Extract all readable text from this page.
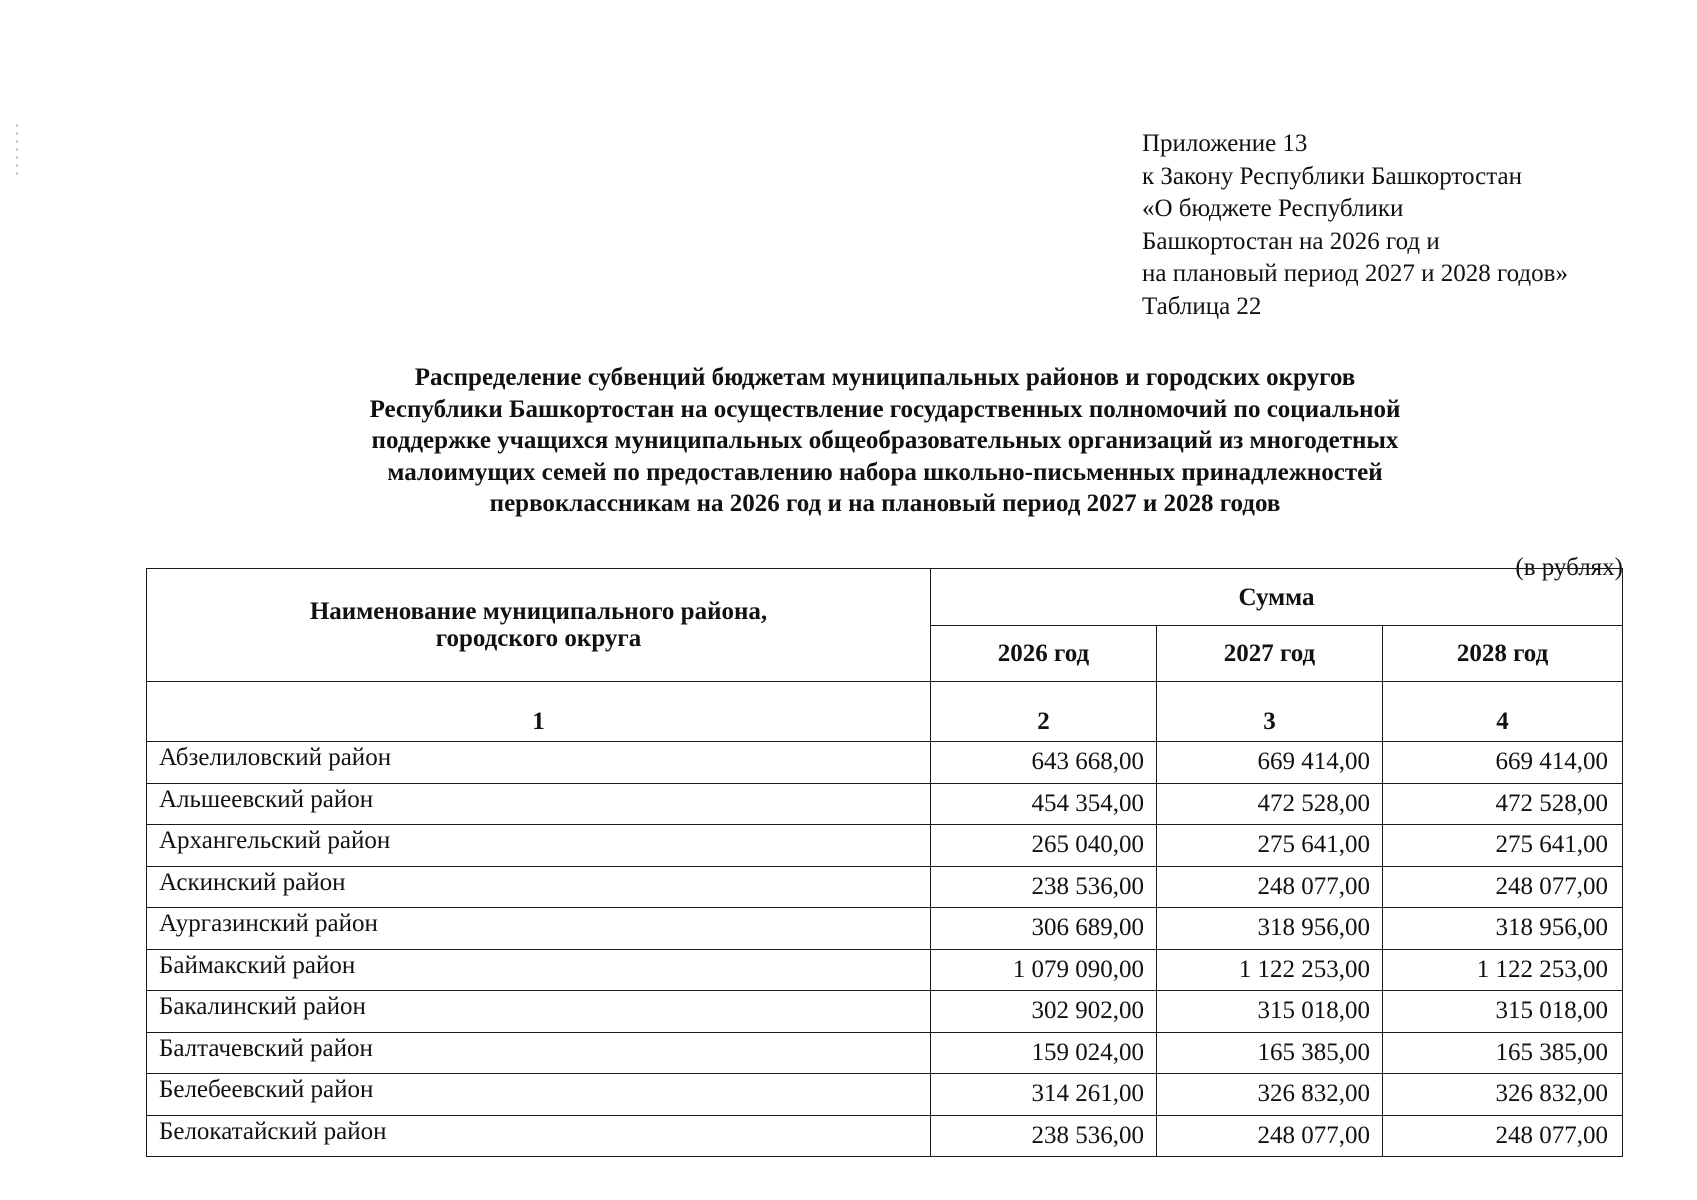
Приложение 13
к Закону Республики Башкортостан
«О бюджете Республики
Башкортостан на 2026 год и
на плановый период 2027 и 2028 годов»
Таблица 22
Распределение субвенций бюджетам муниципальных районов и городских округов
Республики Башкортостан на осуществление государственных полномочий по социальной
поддержке учащихся муниципальных общеобразовательных организаций из многодетных
малоимущих семей по предоставлению набора школьно-письменных принадлежностей
первоклассникам на 2026 год и на плановый период 2027 и 2028 годов
(в рублях)
Наименование муниципального района, городского округа	Сумма		
	2026 год	2027 год	2028 год
1	2	3	4
Абзелиловский район	643 668,00	669 414,00	669 414,00
Альшеевский район	454 354,00	472 528,00	472 528,00
Архангельский район	265 040,00	275 641,00	275 641,00
Аскинский район	238 536,00	248 077,00	248 077,00
Аургазинский район	306 689,00	318 956,00	318 956,00
Баймакский район	1 079 090,00	1 122 253,00	1 122 253,00
Бакалинский район	302 902,00	315 018,00	315 018,00
Балтачевский район	159 024,00	165 385,00	165 385,00
Белебеевский район	314 261,00	326 832,00	326 832,00
Белокатайский район	238 536,00	248 077,00	248 077,00
